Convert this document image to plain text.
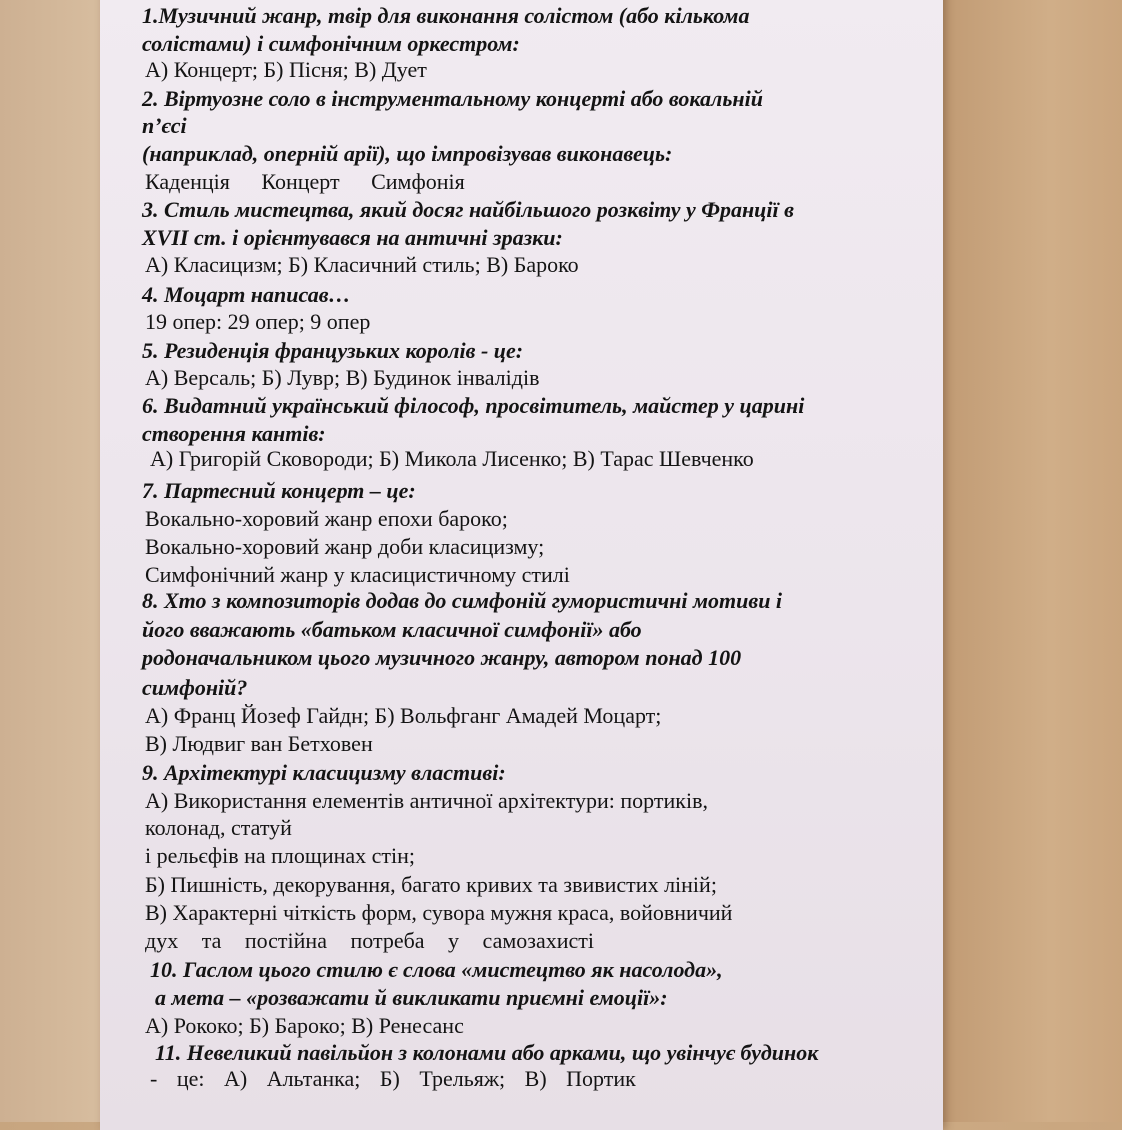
1.Музичний жанр, твір для виконання солістом (або кількома
солістами) і симфонічним оркестром:
А) Концерт; Б) Пісня; В) Дует
2. Віртуозне соло в інструментальному концерті або вокальній
п’єсі
(наприклад, оперній арії), що імпровізував виконавець:
Каденція Концерт Симфонія
3. Стиль мистецтва, який досяг найбільшого розквіту у Франції в
XVII ст. і орієнтувався на античні зразки:
А) Класицизм; Б) Класичний стиль; В) Бароко
4. Моцарт написав…
19 опер: 29 опер; 9 опер
5. Резиденція французьких королів - це:
А) Версаль; Б) Лувр; В) Будинок інвалідів
6. Видатний український філософ, просвітитель, майстер у царині
створення кантів:
А) Григорій Сковороди; Б) Микола Лисенко; В) Тарас Шевченко
7. Партесний концерт – це:
Вокально-хоровий жанр епохи бароко;
Вокально-хоровий жанр доби класицизму;
Симфонічний жанр у класицистичному стилі
8. Хто з композиторів додав до симфоній гумористичні мотиви і
його вважають «батьком класичної симфонії» або
родоначальником цього музичного жанру, автором понад 100
симфоній?
А) Франц Йозеф Гайдн; Б) Вольфганг Амадей Моцарт;
В) Людвиг ван Бетховен
9. Архітектурі класицизму властиві:
А) Використання елементів античної архітектури: портиків,
колонад, статуй
і рельєфів на площинах стін;
Б) Пишність, декорування, багато кривих та звивистих ліній;
В) Характерні чіткість форм, сувора мужня краса, войовничий
дух та постійна потреба у самозахисті
10. Гаслом цього стилю є слова «мистецтво як насолода»,
а мета – «розважати й викликати приємні емоції»:
А) Рококо; Б) Бароко; В) Ренесанс
11. Невеликий павільйон з колонами або арками, що увінчує будинок
- це: А) Альтанка; Б) Трельяж; В) Портик
